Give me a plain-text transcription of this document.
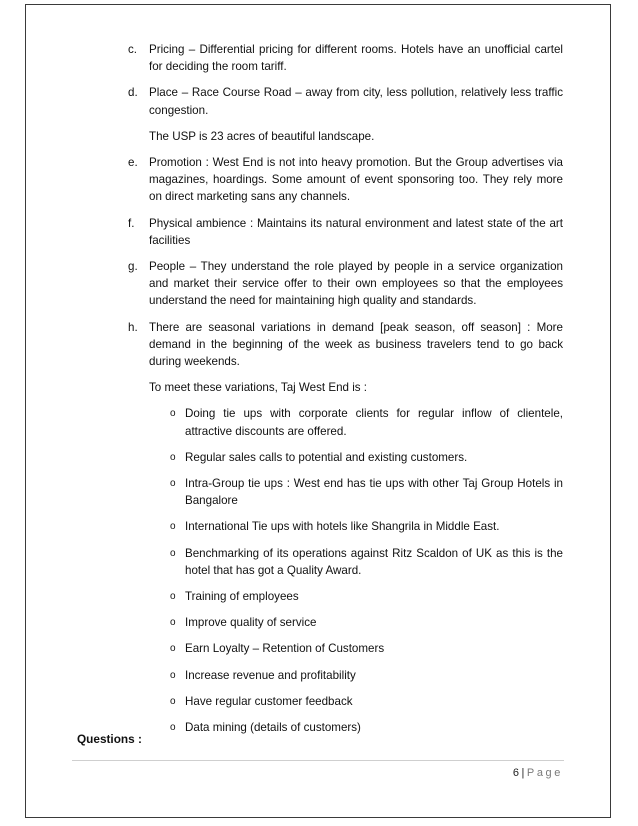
c. Pricing – Differential pricing for different rooms. Hotels have an unofficial cartel for deciding the room tariff.
d. Place – Race Course Road – away from city, less pollution, relatively less traffic congestion.
The USP is 23 acres of beautiful landscape.
e. Promotion : West End is not into heavy promotion. But the Group advertises via magazines, hoardings. Some amount of event sponsoring too. They rely more on direct marketing sans any channels.
f. Physical ambience : Maintains its natural environment and latest state of the art facilities
g. People – They understand the role played by people in a service organization and market their service offer to their own employees so that the employees understand the need for maintaining high quality and standards.
h. There are seasonal variations in demand [peak season, off season] : More demand in the beginning of the week as business travelers tend to go back during weekends.
To meet these variations, Taj West End is :
o Doing tie ups with corporate clients for regular inflow of clientele, attractive discounts are offered.
o Regular sales calls to potential and existing customers.
o Intra-Group tie ups : West end has tie ups with other Taj Group Hotels in Bangalore
o International Tie ups with hotels like Shangrila in Middle East.
o Benchmarking of its operations against Ritz Scaldon of UK as this is the hotel that has got a Quality Award.
o Training of employees
o Improve quality of service
o Earn Loyalty – Retention of Customers
o Increase revenue and profitability
o Have regular customer feedback
o Data mining (details of customers)
Questions :
6 | Page
